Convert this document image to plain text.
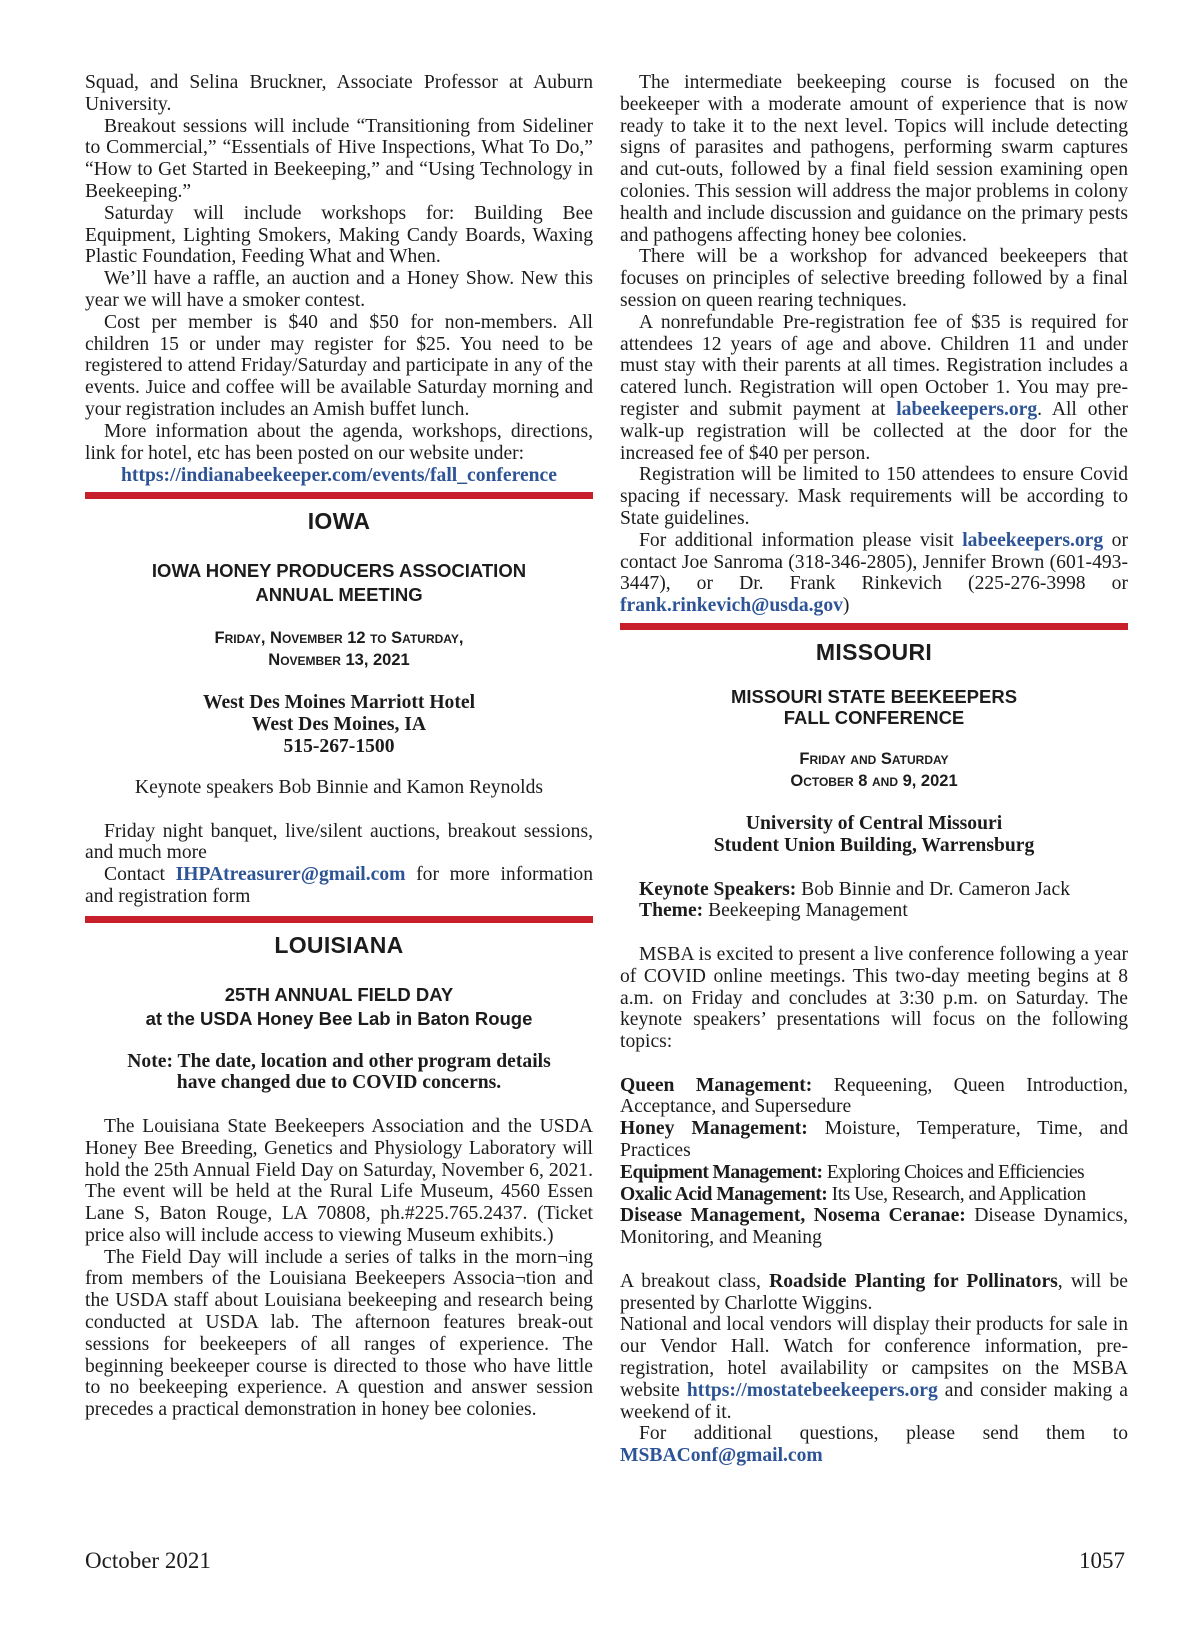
Squad, and Selina Bruckner, Associate Professor at Auburn University.

Breakout sessions will include “Transitioning from Sideliner to Commercial,” “Essentials of Hive Inspections, What To Do,” “How to Get Started in Beekeeping,” and “Using Technology in Beekeeping.”

Saturday will include workshops for: Building Bee Equipment, Lighting Smokers, Making Candy Boards, Waxing Plastic Foundation, Feeding What and When.

We’ll have a raffle, an auction and a Honey Show. New this year we will have a smoker contest.

Cost per member is $40 and $50 for non-members. All children 15 or under may register for $25. You need to be registered to attend Friday/Saturday and participate in any of the events. Juice and coffee will be available Saturday morning and your registration includes an Amish buffet lunch.

More information about the agenda, workshops, directions, link for hotel, etc has been posted on our website under:

https://indianabeekeeper.com/events/fall_conference

IOWA
IOWA HONEY PRODUCERS ASSOCIATION
ANNUAL MEETING
Friday, November 12 to Saturday,
November 13, 2021
West Des Moines Marriott Hotel
West Des Moines, IA
515-267-1500

Keynote speakers Bob Binnie and Kamon Reynolds

Friday night banquet, live/silent auctions, breakout sessions, and much more

Contact IHPAtreasurer@gmail.com for more information and registration form

LOUISIANA
25TH ANNUAL FIELD DAY
at the USDA Honey Bee Lab in Baton Rouge
Note: The date, location and other program details
have changed due to COVID concerns.

The Louisiana State Beekeepers Association and the USDA Honey Bee Breeding, Genetics and Physiology Laboratory will hold the 25th Annual Field Day on Saturday, November 6, 2021. The event will be held at the Rural Life Museum, 4560 Essen Lane S, Baton Rouge, LA 70808, ph.#225.765.2437. (Ticket price also will include access to viewing Museum exhibits.)

The Field Day will include a series of talks in the morn¬ing from members of the Louisiana Beekeepers Associa¬tion and the USDA staff about Louisiana beekeeping and research being conducted at USDA lab. The afternoon features break-out sessions for beekeepers of all ranges of experience. The beginning beekeeper course is directed to those who have little to no beekeeping experience. A question and answer session precedes a practical demonstration in honey bee colonies.

The intermediate beekeeping course is focused on the beekeeper with a moderate amount of experience that is now ready to take it to the next level. Topics will include detecting signs of parasites and pathogens, performing swarm captures and cut-outs, followed by a final field session examining open colonies. This session will address the major problems in colony health and include discussion and guidance on the primary pests and pathogens affecting honey bee colonies.

There will be a workshop for advanced beekeepers that focuses on principles of selective breeding followed by a final session on queen rearing techniques.

A nonrefundable Pre-registration fee of $35 is required for attendees 12 years of age and above. Children 11 and under must stay with their parents at all times. Registration includes a catered lunch. Registration will open October 1. You may pre-register and submit payment at labeekeepers.org. All other walk-up registration will be collected at the door for the increased fee of $40 per person.

Registration will be limited to 150 attendees to ensure Covid spacing if necessary. Mask requirements will be according to State guidelines.

For additional information please visit labeekeepers.org or contact Joe Sanroma (318-346-2805), Jennifer Brown (601-493-3447), or Dr. Frank Rinkevich (225-276-3998 or frank.rinkevich@usda.gov)

MISSOURI
MISSOURI STATE BEEKEEPERS
FALL CONFERENCE
Friday and Saturday
October 8 and 9, 2021
University of Central Missouri
Student Union Building, Warrensburg

Keynote Speakers: Bob Binnie and Dr. Cameron Jack

Theme: Beekeeping Management

MSBA is excited to present a live conference following a year of COVID online meetings. This two-day meeting begins at 8 a.m. on Friday and concludes at 3:30 p.m. on Saturday. The keynote speakers’ presentations will focus on the following topics:

Queen Management: Requeening, Queen Introduction, Acceptance, and Supersedure

Honey Management: Moisture, Temperature, Time, and Practices

Equipment Management: Exploring Choices and Efficiencies

Oxalic Acid Management: Its Use, Research, and Application

Disease Management, Nosema Ceranae: Disease Dynamics, Monitoring, and Meaning

A breakout class, Roadside Planting for Pollinators, will be presented by Charlotte Wiggins.

National and local vendors will display their products for sale in our Vendor Hall. Watch for conference information, pre-registration, hotel availability or campsites on the MSBA website https://mostatebeekeepers.org and consider making a weekend of it.

For additional questions, please send them to MSBAConf@gmail.com

October 2021	1057
